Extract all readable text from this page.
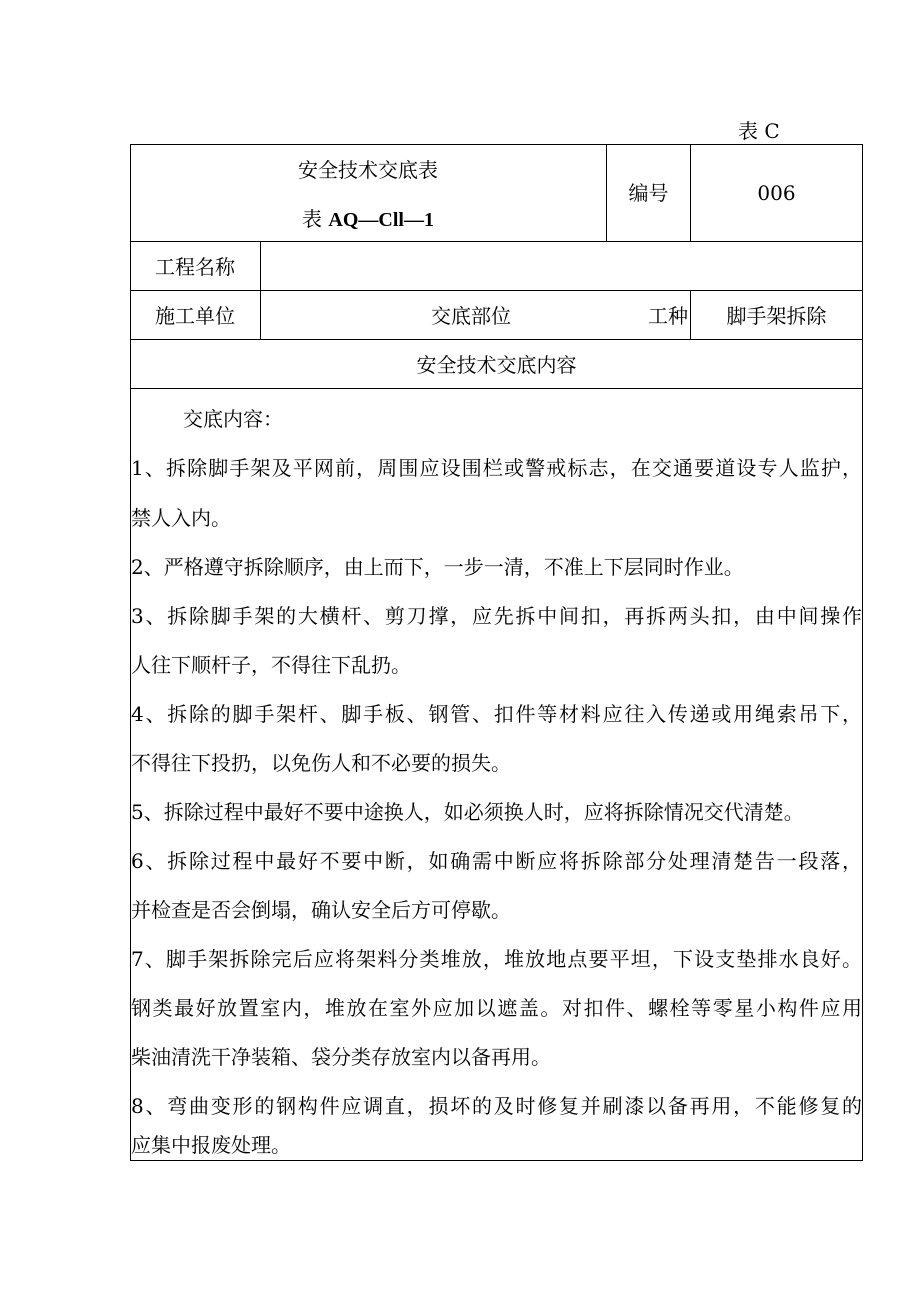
表 C
安全技术交底表
表 AQ—Cll—1
编号	006
工程名称
施工单位	交底部位	工种	脚手架拆除
安全技术交底内容
交底内容：
1、拆除脚手架及平网前，周围应设围栏或警戒标志，在交通要道设专人监护，
禁人入内。
2、严格遵守拆除顺序，由上而下，一步一清，不准上下层同时作业。
3、拆除脚手架的大横杆、剪刀撑，应先拆中间扣，再拆两头扣，由中间操作
人往下顺杆子，不得往下乱扔。
4、拆除的脚手架杆、脚手板、钢管、扣件等材料应往入传递或用绳索吊下，
不得往下投扔，以免伤人和不必要的损失。
5、拆除过程中最好不要中途换人，如必须换人时，应将拆除情况交代清楚。
6、拆除过程中最好不要中断，如确需中断应将拆除部分处理清楚告一段落，
并检查是否会倒塌，确认安全后方可停歇。
7、脚手架拆除完后应将架料分类堆放，堆放地点要平坦，下设支垫排水良好。
钢类最好放置室内，堆放在室外应加以遮盖。对扣件、螺栓等零星小构件应用
柴油清洗干净装箱、袋分类存放室内以备再用。
8、弯曲变形的钢构件应调直，损坏的及时修复并刷漆以备再用，不能修复的
应集中报废处理。
